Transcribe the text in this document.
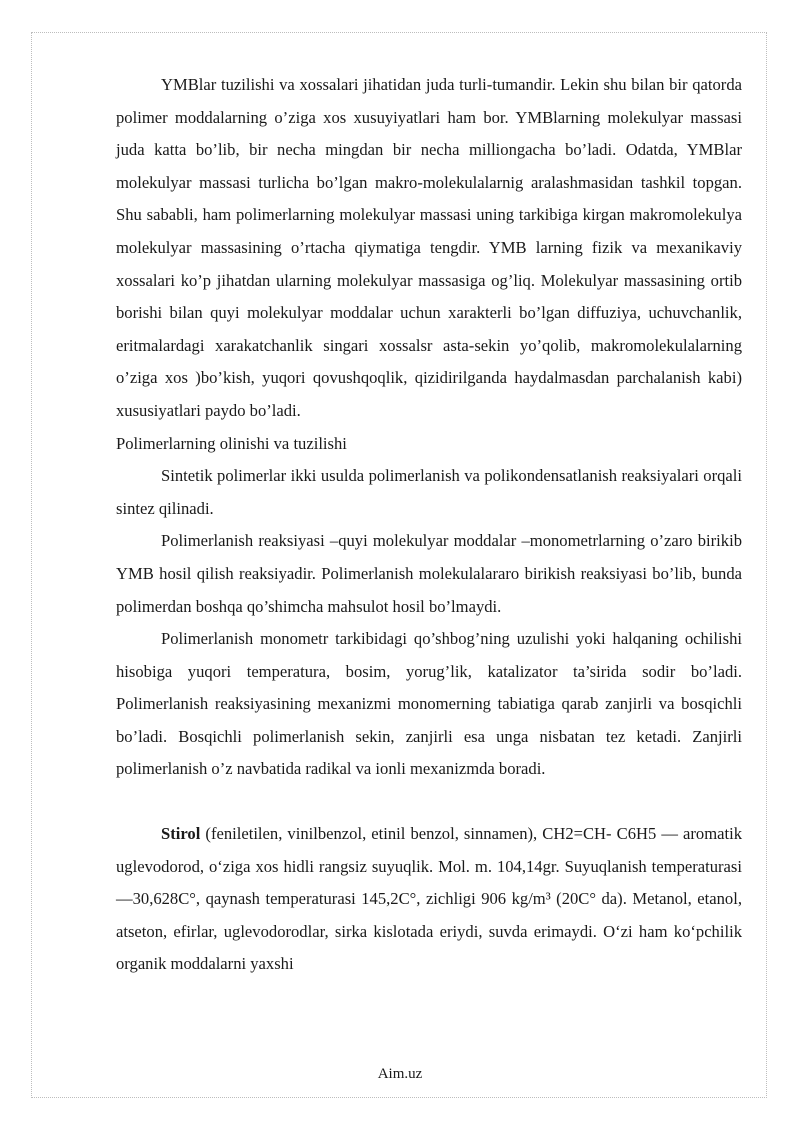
YMBlar tuzilishi va xossalari jihatidan juda turli-tumandir. Lekin shu bilan bir qatorda polimer moddalarning o’ziga xos xusuyiyatlari ham bor. YMBlarning molekulyar massasi juda katta bo’lib, bir necha mingdan bir necha milliongacha bo’ladi. Odatda, YMBlar molekulyar massasi turlicha bo’lgan makro-molekulalarnig aralashmasidan tashkil topgan. Shu sababli, ham polimerlarning molekulyar massasi uning tarkibiga kirgan makromolekulya molekulyar massasining o’rtacha qiymatiga tengdir. YMB larning fizik va mexanikaviy xossalari ko’p jihatdan ularning molekulyar massasiga og’liq. Molekulyar massasining ortib borishi bilan quyi molekulyar moddalar uchun xarakterli bo’lgan diffuziya, uchuvchanlik, eritmalardagi xarakatchanlik singari xossalsr asta-sekin yo’qolib, makromolekulalarning o’ziga xos )bo’kish, yuqori qovushqoqlik, qizidirilganda haydalmasdan parchalanish kabi) xususiyatlari paydo bo’ladi.

Polimerlarning olinishi va tuzilishi

Sintetik polimerlar ikki usulda polimerlanish va polikondensatlanish reaksiyalari orqali sintez qilinadi.

Polimerlanish reaksiyasi –quyi molekulyar moddalar –monometrlarning o’zaro birikib YMB hosil qilish reaksiyadir. Polimerlanish molekulalararo birikish reaksiyasi bo’lib, bunda polimerdan boshqa qo’shimcha mahsulot hosil bo’lmaydi.

Polimerlanish monometr tarkibidagi qo’shbog’ning uzulishi yoki halqaning ochilishi hisobiga yuqori temperatura, bosim, yorug’lik, katalizator ta’sirida sodir bo’ladi. Polimerlanish reaksiyasining mexanizmi monomerning tabiatiga qarab zanjirli va bosqichli bo’ladi. Bosqichli polimerlanish sekin, zanjirli esa unga nisbatan tez ketadi. Zanjirli polimerlanish o’z navbatida radikal va ionli mexanizmda boradi.

Stirol (feniletilen, vinilbenzol, etinil benzol, sinnamen), CH2=CH- C6H5 — aromatik uglevodorod, oʻziga xos hidli rangsiz suyuqlik. Mol. m. 104,14gr. Suyuqlanish temperaturasi —30,628C°, qaynash temperaturasi 145,2C°, zichligi 906 kg/m³ (20C° da). Metanol, etanol, atseton, efirlar, uglevodorodlar, sirka kislotada eriydi, suvda erimaydi. Oʻzi ham koʻpchilik organik moddalarni yaxshi

Aim.uz
